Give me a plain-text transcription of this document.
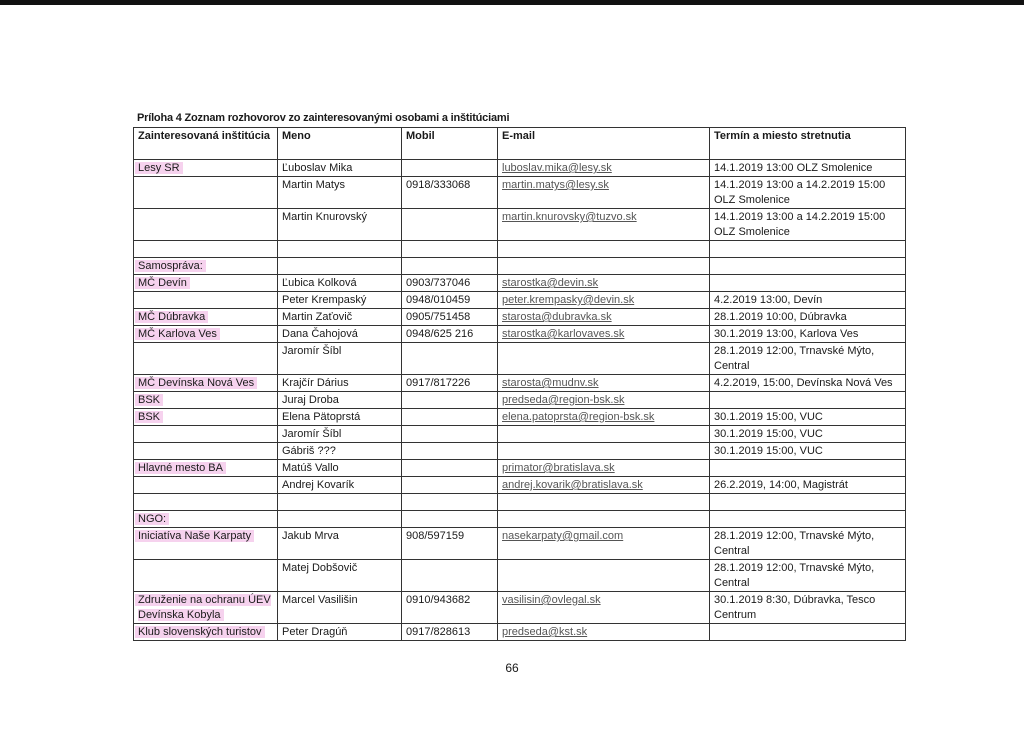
Príloha 4 Zoznam rozhovorov zo zainteresovanými osobami a inštitúciami
Zainteresovaná inštitúcia	Meno	Mobil	E-mail	Termín a miesto stretnutia
Lesy SR	Ľuboslav Mika		luboslav.mika@lesy.sk	14.1.2019 13:00 OLZ Smolenice
	Martin Matys	0918/333068	martin.matys@lesy.sk	14.1.2019 13:00 a 14.2.2019 15:00 OLZ Smolenice
	Martin Knurovský		martin.knurovsky@tuzvo.sk	14.1.2019 13:00 a 14.2.2019 15:00 OLZ Smolenice

Samospráva:				
MČ Devín	Ľubica Kolková	0903/737046	starostka@devin.sk	
	Peter Krempaský	0948/010459	peter.krempasky@devin.sk	4.2.2019 13:00, Devín
MČ Dúbravka	Martin Zaťovič	0905/751458	starosta@dubravka.sk	28.1.2019 10:00, Dúbravka
MČ Karlova Ves	Dana Čahojová	0948/625 216	starostka@karlovaves.sk	30.1.2019 13:00, Karlova Ves
	Jaromír Šíbl			28.1.2019 12:00, Trnavské Mýto, Central
MČ Devínska Nová Ves	Krajčír Dárius	0917/817226	starosta@mudnv.sk	4.2.2019, 15:00, Devínska Nová Ves
BSK	Juraj Droba		predseda@region-bsk.sk	
BSK	Elena Pätoprstá		elena.patoprsta@region-bsk.sk	30.1.2019 15:00, VUC
	Jaromír Šíbl			30.1.2019 15:00, VUC
	Gábriš ???			30.1.2019 15:00, VUC
Hlavné mesto BA	Matúš Vallo		primator@bratislava.sk	
	Andrej Kovarík		andrej.kovarik@bratislava.sk	26.2.2019, 14:00, Magistrát

NGO:				
Iniciatíva Naše Karpaty	Jakub Mrva	908/597159	nasekarpaty@gmail.com	28.1.2019 12:00, Trnavské Mýto, Central
	Matej Dobšovič			28.1.2019 12:00, Trnavské Mýto, Central
Združenie na ochranu ÚEV Devínska Kobyla	Marcel Vasilišin	0910/943682	vasilisin@ovlegal.sk	30.1.2019 8:30, Dúbravka, Tesco Centrum
Klub slovenských turistov	Peter Dragúň	0917/828613	predseda@kst.sk	
66
